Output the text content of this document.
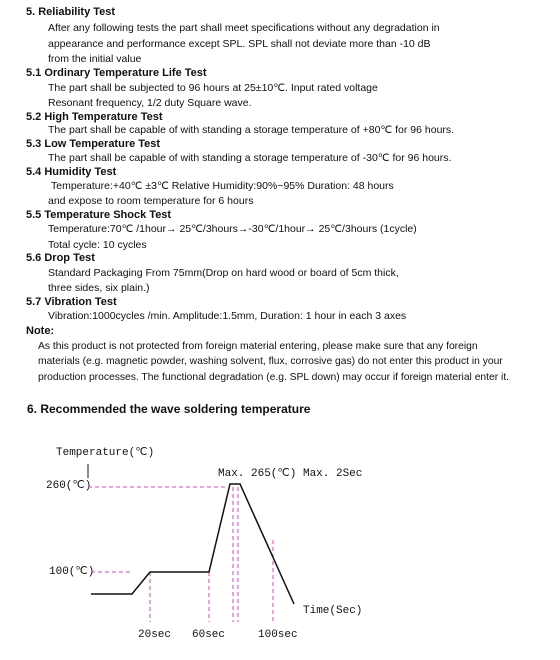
5. Reliability Test
After any following tests the part shall meet specifications without any degradation in
appearance and performance except SPL. SPL shall not deviate more than -10 dB
from the initial value
5.1 Ordinary Temperature Life Test
The part shall be subjected to 96 hours at 25±10℃. Input rated voltage
Resonant frequency, 1/2 duty Square wave.
5.2 High Temperature Test
The part shall be capable of with standing a storage temperature of +80℃ for 96 hours.
5.3 Low Temperature Test
The part shall be capable of with standing a storage temperature of -30℃ for 96 hours.
5.4 Humidity Test
Temperature:+40℃ ±3℃ Relative Humidity:90%~95% Duration: 48 hours
and expose to room temperature for 6 hours
5.5 Temperature Shock Test
Temperature:70℃ /1hour→ 25℃/3hours→-30℃/1hour→ 25℃/3hours (1cycle)
Total cycle: 10 cycles
5.6 Drop Test
Standard Packaging From 75mm(Drop on hard wood or board of 5cm thick,
three sides, six plain.)
5.7 Vibration Test
Vibration:1000cycles /min. Amplitude:1.5mm, Duration: 1 hour in each 3 axes
Note:
As this product is not protected from foreign material entering, please make sure that any foreign
materials (e.g. magnetic powder, washing solvent, flux, corrosive gas) do not enter this product in your
production processes. The functional degradation (e.g. SPL down) may occur if foreign material enter it.
6. Recommended the wave soldering temperature
Temperature(℃)
Time(Sec)
Max. 265(℃) Max. 2Sec
260(℃)
100(℃)
20sec 60sec	100sec
